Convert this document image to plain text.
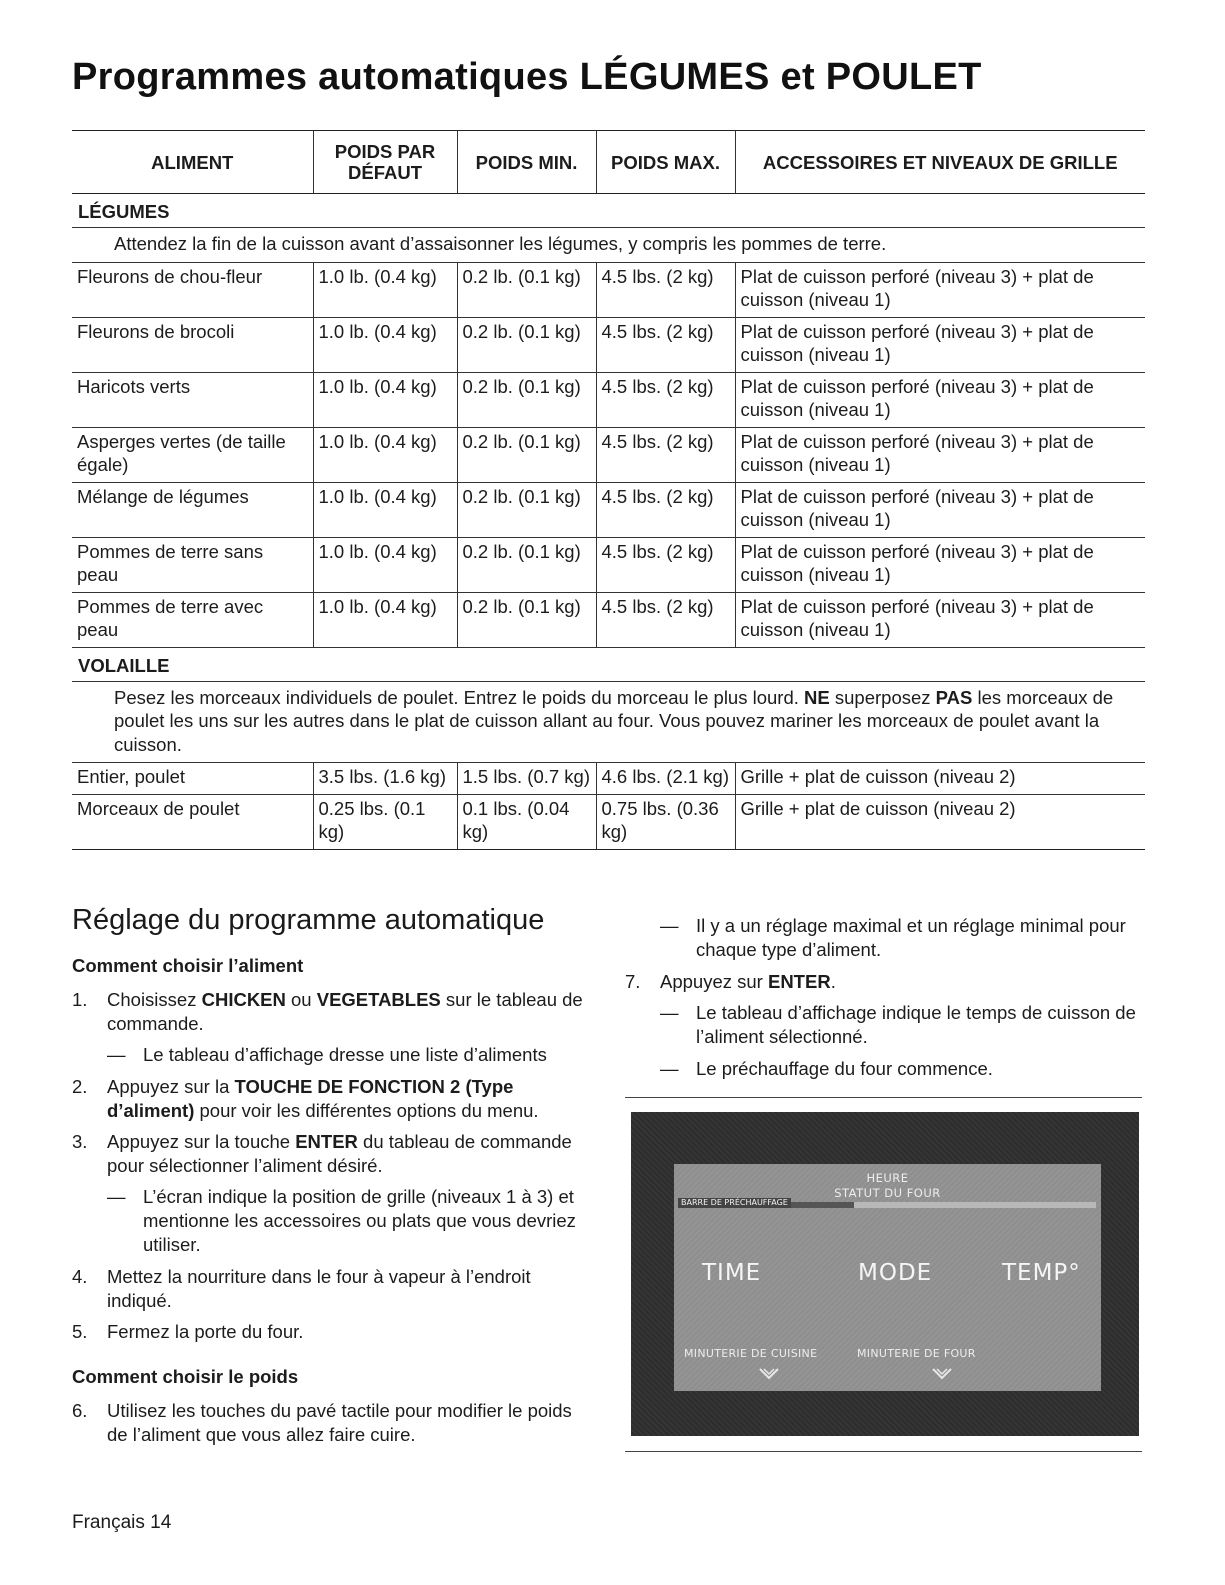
Programmes automatiques LÉGUMES et POULET
ALIMENT	POIDS PAR DÉFAUT	POIDS MIN.	POIDS MAX.	ACCESSOIRES ET NIVEAUX DE GRILLE
LÉGUMES				
Attendez la fin de la cuisson avant d’assaisonner les légumes, y compris les pommes de terre.				
Fleurons de chou-fleur	1.0 lb. (0.4 kg)	0.2 lb. (0.1 kg)	4.5 lbs. (2 kg)	Plat de cuisson perforé (niveau 3) + plat de cuisson (niveau 1)
Fleurons de brocoli	1.0 lb. (0.4 kg)	0.2 lb. (0.1 kg)	4.5 lbs. (2 kg)	Plat de cuisson perforé (niveau 3) + plat de cuisson (niveau 1)
Haricots verts	1.0 lb. (0.4 kg)	0.2 lb. (0.1 kg)	4.5 lbs. (2 kg)	Plat de cuisson perforé (niveau 3) + plat de cuisson (niveau 1)
Asperges vertes (de taille égale)	1.0 lb. (0.4 kg)	0.2 lb. (0.1 kg)	4.5 lbs. (2 kg)	Plat de cuisson perforé (niveau 3) + plat de cuisson (niveau 1)
Mélange de légumes	1.0 lb. (0.4 kg)	0.2 lb. (0.1 kg)	4.5 lbs. (2 kg)	Plat de cuisson perforé (niveau 3) + plat de cuisson (niveau 1)
Pommes de terre sans peau	1.0 lb. (0.4 kg)	0.2 lb. (0.1 kg)	4.5 lbs. (2 kg)	Plat de cuisson perforé (niveau 3) + plat de cuisson (niveau 1)
Pommes de terre avec peau	1.0 lb. (0.4 kg)	0.2 lb. (0.1 kg)	4.5 lbs. (2 kg)	Plat de cuisson perforé (niveau 3) + plat de cuisson (niveau 1)
VOLAILLE				
Pesez les morceaux individuels de poulet. Entrez le poids du morceau le plus lourd. NE superposez PAS les morceaux de poulet les uns sur les autres dans le plat de cuisson allant au four. Vous pouvez mariner les morceaux de poulet avant la cuisson.				
Entier, poulet	3.5 lbs. (1.6 kg)	1.5 lbs. (0.7 kg)	4.6 lbs. (2.1 kg)	Grille + plat de cuisson (niveau 2)
Morceaux de poulet	0.25 lbs. (0.1 kg)	0.1 lbs. (0.04 kg)	0.75 lbs. (0.36 kg)	Grille + plat de cuisson (niveau 2)
Réglage du programme automatique
Comment choisir l’aliment
1. Choisissez CHICKEN ou VEGETABLES sur le tableau de commande.
— Le tableau d’affichage dresse une liste d’aliments
2. Appuyez sur la TOUCHE DE FONCTION 2 (Type d’aliment) pour voir les différentes options du menu.
3. Appuyez sur la touche ENTER du tableau de commande pour sélectionner l’aliment désiré.
— L’écran indique la position de grille (niveaux 1 à 3) et mentionne les accessoires ou plats que vous devriez utiliser.
4. Mettez la nourriture dans le four à vapeur à l’endroit indiqué.
5. Fermez la porte du four.
Comment choisir le poids
6. Utilisez les touches du pavé tactile pour modifier le poids de l’aliment que vous allez faire cuire.
— Il y a un réglage maximal et un réglage minimal pour chaque type d’aliment.
7. Appuyez sur ENTER.
— Le tableau d’affichage indique le temps de cuisson de l’aliment sélectionné.
— Le préchauffage du four commence.
HEURE
STATUT DU FOUR
BARRE DE PRÉCHAUFFAGE
TIME	MODE	TEMP°
MINUTERIE DE CUISINE	MINUTERIE DE FOUR
Français 14
